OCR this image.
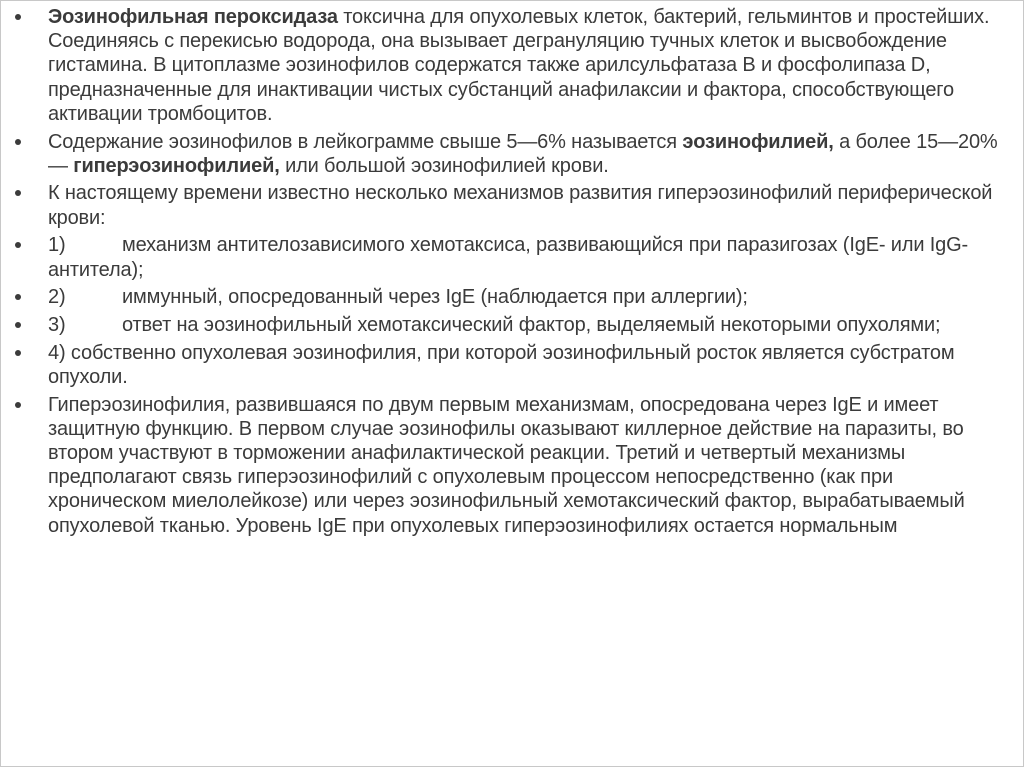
Эозинофильная пероксидаза токсична для опухолевых клеток, бактерий, гельминтов и простейших. Соединяясь с перекисью водорода, она вызывает дегрануляцию тучных клеток и высвобождение гистамина. В цитоплазме эозинофилов содержатся также арилсульфатаза В и фосфолипаза D, предназначенные для инактивации чистых субстанций анафилаксии и фактора, способствующего активации тромбоцитов.
Содержание эозинофилов в лейкограмме свыше 5—6% называется эозинофилией, а более 15—20% — гиперэозинофилией, или большой эозинофилией крови.
К настоящему времени известно несколько механизмов развития гиперэозинофилий периферической крови:
1)	механизм антителозависимого хемотаксиса, развивающийся при паразигозах (IgE- или IgG-антитела);
2)	иммунный, опосредованный через IgE (наблюдается при аллергии);
3)	ответ на эозинофильный хемотаксический фактор, выделяемый некоторыми опухолями;
4) собственно опухолевая эозинофилия, при которой эозинофильный росток является субстратом опухоли.
Гиперэозинофилия, развившаяся по двум первым механизмам, опосредована через IgE и имеет защитную функцию. В первом случае эозинофилы оказывают киллерное действие на паразиты, во втором участвуют в торможении анафилактической реакции. Третий и четвертый механизмы предполагают связь гиперэозинофилий с опухолевым процессом непосредственно (как при хроническом миелолейкозе) или через эозинофильный хемотаксический фактор, вырабатываемый опухолевой тканью. Уровень IgE при опухолевых гиперэозинофилиях остается нормальным
